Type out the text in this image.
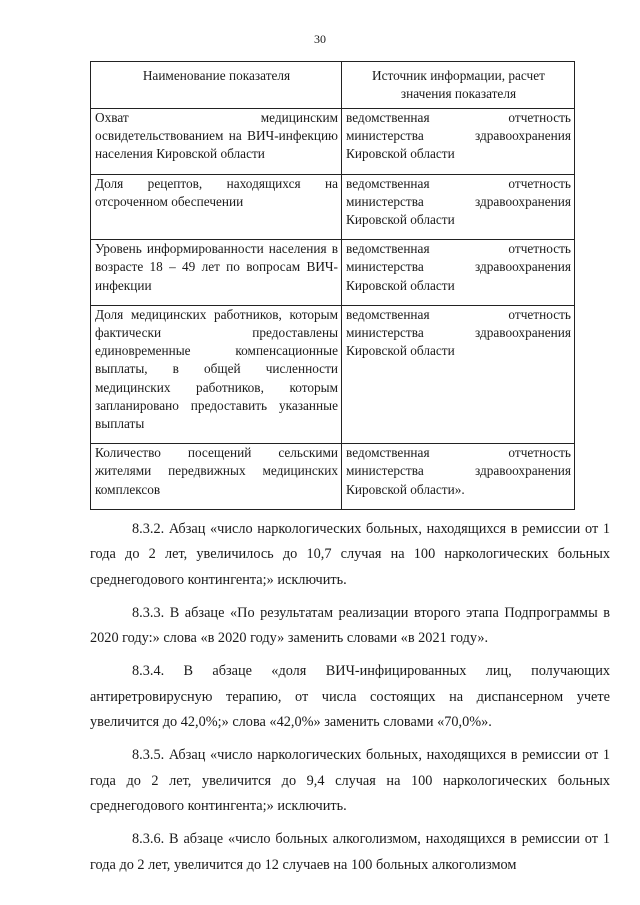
30
Наименование показателя	Источник информации, расчет значения показателя
Охват медицинским освидетельствованием на ВИЧ-инфекцию населения Кировской области	ведомственная отчетность министерства здравоохранения Кировской области
Доля рецептов, находящихся на отсроченном обеспечении	ведомственная отчетность министерства здравоохранения Кировской области
Уровень информированности населения в возрасте 18 – 49 лет по вопросам ВИЧ-инфекции	ведомственная отчетность министерства здравоохранения Кировской области
Доля медицинских работников, которым фактически предоставлены единовременные компенсационные выплаты, в общей численности медицинских работников, которым запланировано предоставить указанные выплаты	ведомственная отчетность министерства здравоохранения Кировской области
Количество посещений сельскими жителями передвижных медицинских комплексов	ведомственная отчетность министерства здравоохранения Кировской области».

8.3.2. Абзац «число наркологических больных, находящихся в ремиссии от 1 года до 2 лет, увеличилось до 10,7 случая на 100 наркологических больных среднегодового контингента;» исключить.

8.3.3. В абзаце «По результатам реализации второго этапа Подпрограммы в 2020 году:» слова «в 2020 году» заменить словами «в 2021 году».

8.3.4. В абзаце «доля ВИЧ-инфицированных лиц, получающих антиретровирусную терапию, от числа состоящих на диспансерном учете увеличится до 42,0%;» слова «42,0%» заменить словами «70,0%».

8.3.5. Абзац «число наркологических больных, находящихся в ремиссии от 1 года до 2 лет, увеличится до 9,4 случая на 100 наркологических больных среднегодового контингента;» исключить.

8.3.6. В абзаце «число больных алкоголизмом, находящихся в ремиссии от 1 года до 2 лет, увеличится до 12 случаев на 100 больных алкоголизмом
